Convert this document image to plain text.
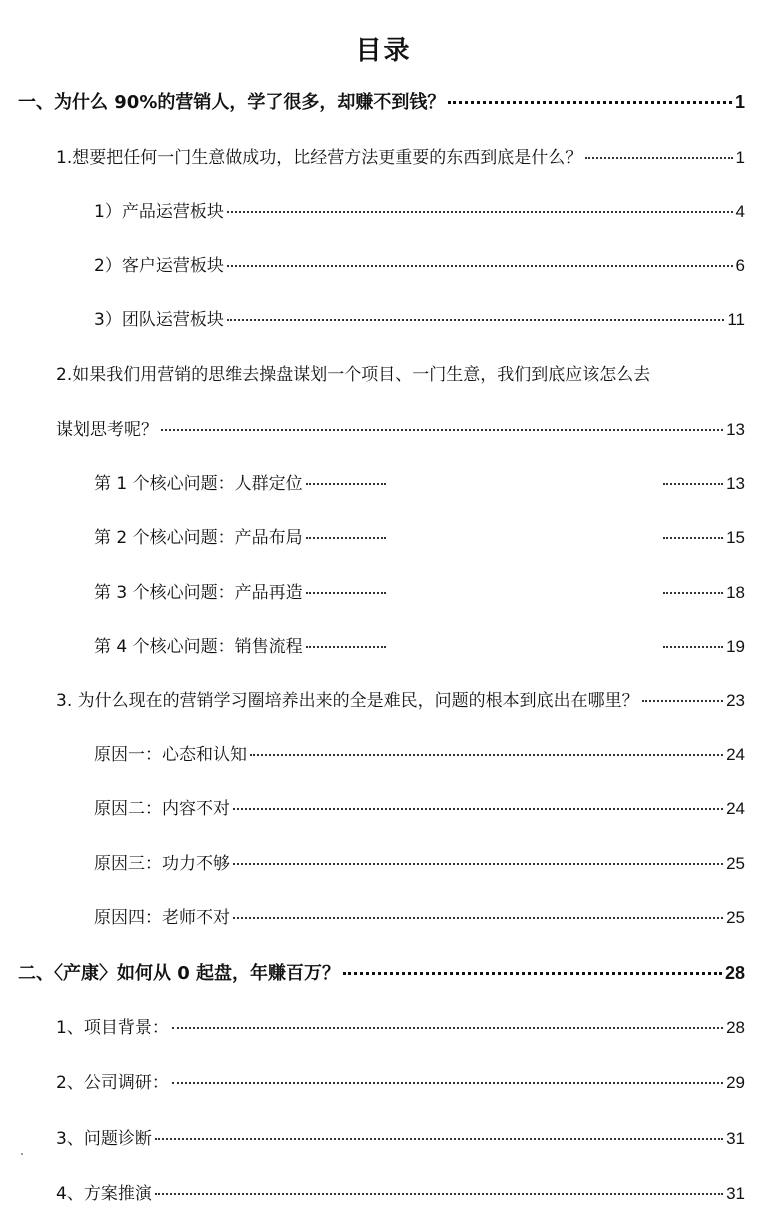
目录
一、为什么 90%的营销人，学了很多，却赚不到钱？	1
1.想要把任何一门生意做成功，比经营方法更重要的东西到底是什么？	1
1）产品运营板块	4
2）客户运营板块	6
3）团队运营板块	11
2.如果我们用营销的思维去操盘谋划一个项目、一门生意，我们到底应该怎么去
谋划思考呢？	13
第 1 个核心问题：人群定位	13
第 2 个核心问题：产品布局	15
第 3 个核心问题：产品再造	18
第 4 个核心问题：销售流程	19
3. 为什么现在的营销学习圈培养出来的全是难民，问题的根本到底出在哪里？	23
原因一：心态和认知	24
原因二：内容不对	24
原因三：功力不够	25
原因四：老师不对	25
二、〈产康〉如何从 0 起盘，年赚百万？	28
1、项目背景：	28
2、公司调研：	29
3、问题诊断	31
4、方案推演	31
